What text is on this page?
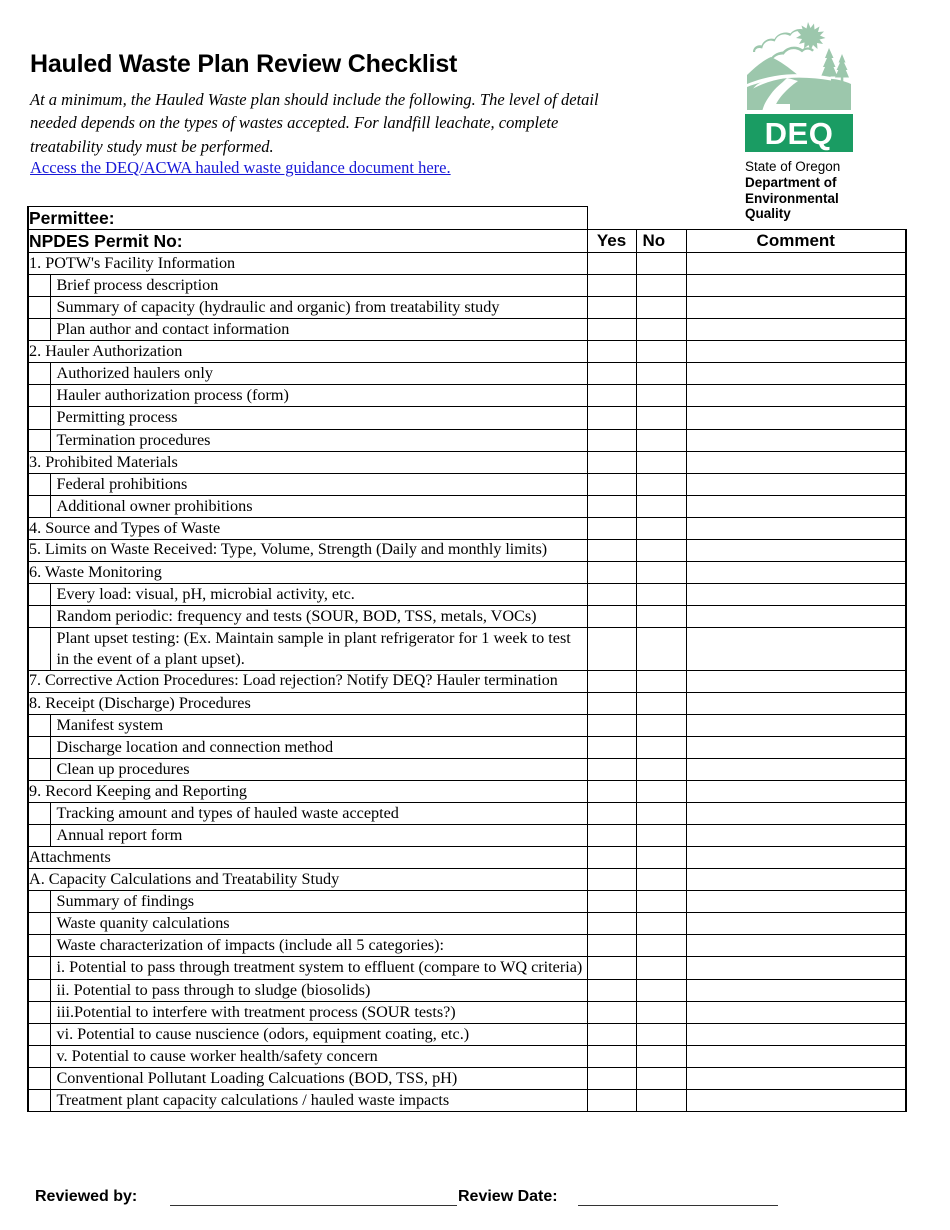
Hauled Waste Plan Review Checklist
At a minimum, the Hauled Waste plan should include the following. The level of detail needed depends on the types of wastes accepted. For landfill leachate, complete treatability study must be performed.
Access the DEQ/ACWA hauled waste guidance document here.
DEQ
State of Oregon
Department of
Environmental
Quality
Permittee:				
NPDES Permit No:		Yes	No	Comment
1. POTW's Facility Information				
	Brief process description			
	Summary of capacity (hydraulic and organic) from treatability study			
	Plan author and contact information			
2. Hauler Authorization				
	Authorized haulers only			
	Hauler authorization process (form)			
	Permitting process			
	Termination procedures			
3. Prohibited Materials				
	Federal prohibitions			
	Additional owner prohibitions			
4. Source and Types of Waste				
5. Limits on Waste Received: Type, Volume, Strength (Daily and monthly limits)				
6. Waste Monitoring				
	Every load: visual, pH, microbial activity, etc.			
	Random periodic: frequency and tests (SOUR, BOD, TSS, metals, VOCs)			
	Plant upset testing: (Ex. Maintain sample in plant refrigerator for 1 week to test in the event of a plant upset).			
7. Corrective Action Procedures: Load rejection? Notify DEQ? Hauler termination				
8. Receipt (Discharge) Procedures				
	Manifest system			
	Discharge location and connection method			
	Clean up procedures			
9. Record Keeping and Reporting				
	Tracking amount and types of hauled waste accepted			
	Annual report form			
Attachments				
A. Capacity Calculations and Treatability Study				
	Summary of findings			
	Waste quanity calculations			
	Waste characterization of impacts (include all 5 categories):			
	i. Potential to pass through treatment system to effluent (compare to WQ criteria)			
	ii. Potential to pass through to sludge (biosolids)			
	iii.Potential to interfere with treatment process (SOUR tests?)			
	vi. Potential to cause nuscience (odors, equipment coating, etc.)			
	v. Potential to cause worker health/safety concern			
	Conventional Pollutant Loading Calcuations (BOD, TSS, pH)			
	Treatment plant capacity calculations / hauled waste impacts			
Reviewed by:	Review Date:
